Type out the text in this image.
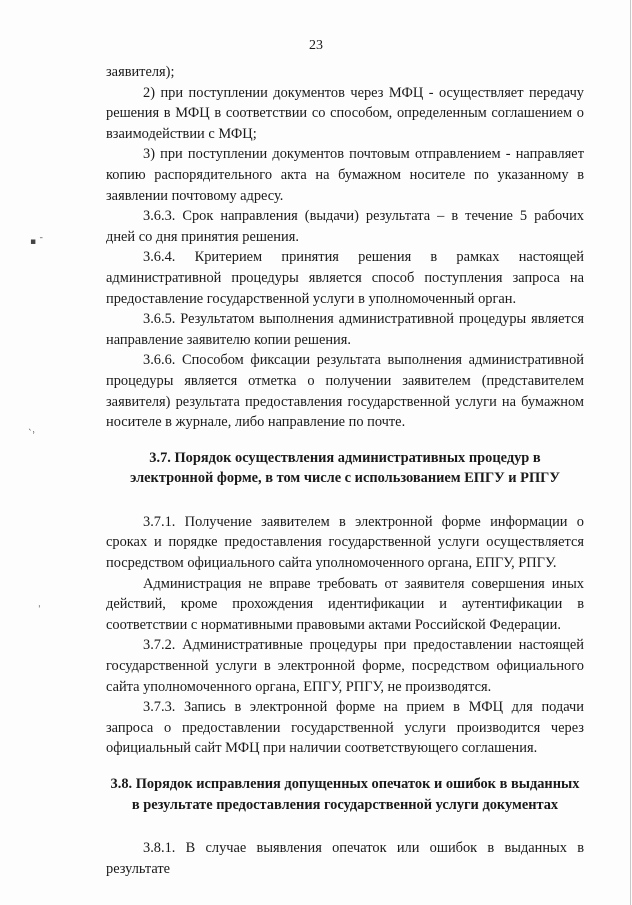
23
▪ ˉ
ˋ˒
ˌ

заявителя);

2) при поступлении документов через МФЦ - осуществляет передачу решения в МФЦ в соответствии со способом, определенным соглашением о взаимодействии с МФЦ;

3) при поступлении документов почтовым отправлением - направляет копию распорядительного акта на бумажном носителе по указанному в заявлении почтовому адресу.

3.6.3. Срок направления (выдачи) результата – в течение 5 рабочих дней со дня принятия решения.

3.6.4. Критерием принятия решения в рамках настоящей административной процедуры является способ поступления запроса на предоставление государственной услуги в уполномоченный орган.

3.6.5. Результатом выполнения административной процедуры является направление заявителю копии решения.

3.6.6. Способом фиксации результата выполнения административной процедуры является отметка о получении заявителем (представителем заявителя) результата предоставления государственной услуги на бумажном носителе в журнале, либо направление по почте.

3.7. Порядок осуществления административных процедур в электронной форме, в том числе с использованием ЕПГУ и РПГУ

3.7.1. Получение заявителем в электронной форме информации о сроках и порядке предоставления государственной услуги осуществляется посредством официального сайта уполномоченного органа, ЕПГУ, РПГУ.

Администрация не вправе требовать от заявителя совершения иных действий, кроме прохождения идентификации и аутентификации в соответствии с нормативными правовыми актами Российской Федерации.

3.7.2. Административные процедуры при предоставлении настоящей государственной услуги в электронной форме, посредством официального сайта уполномоченного органа, ЕПГУ, РПГУ, не производятся.

3.7.3. Запись в электронной форме на прием в МФЦ для подачи запроса о предоставлении государственной услуги производится через официальный сайт МФЦ при наличии соответствующего соглашения.

3.8. Порядок исправления допущенных опечаток и ошибок в выданных в результате предоставления государственной услуги документах

3.8.1. В случае выявления опечаток или ошибок в выданных в результате
